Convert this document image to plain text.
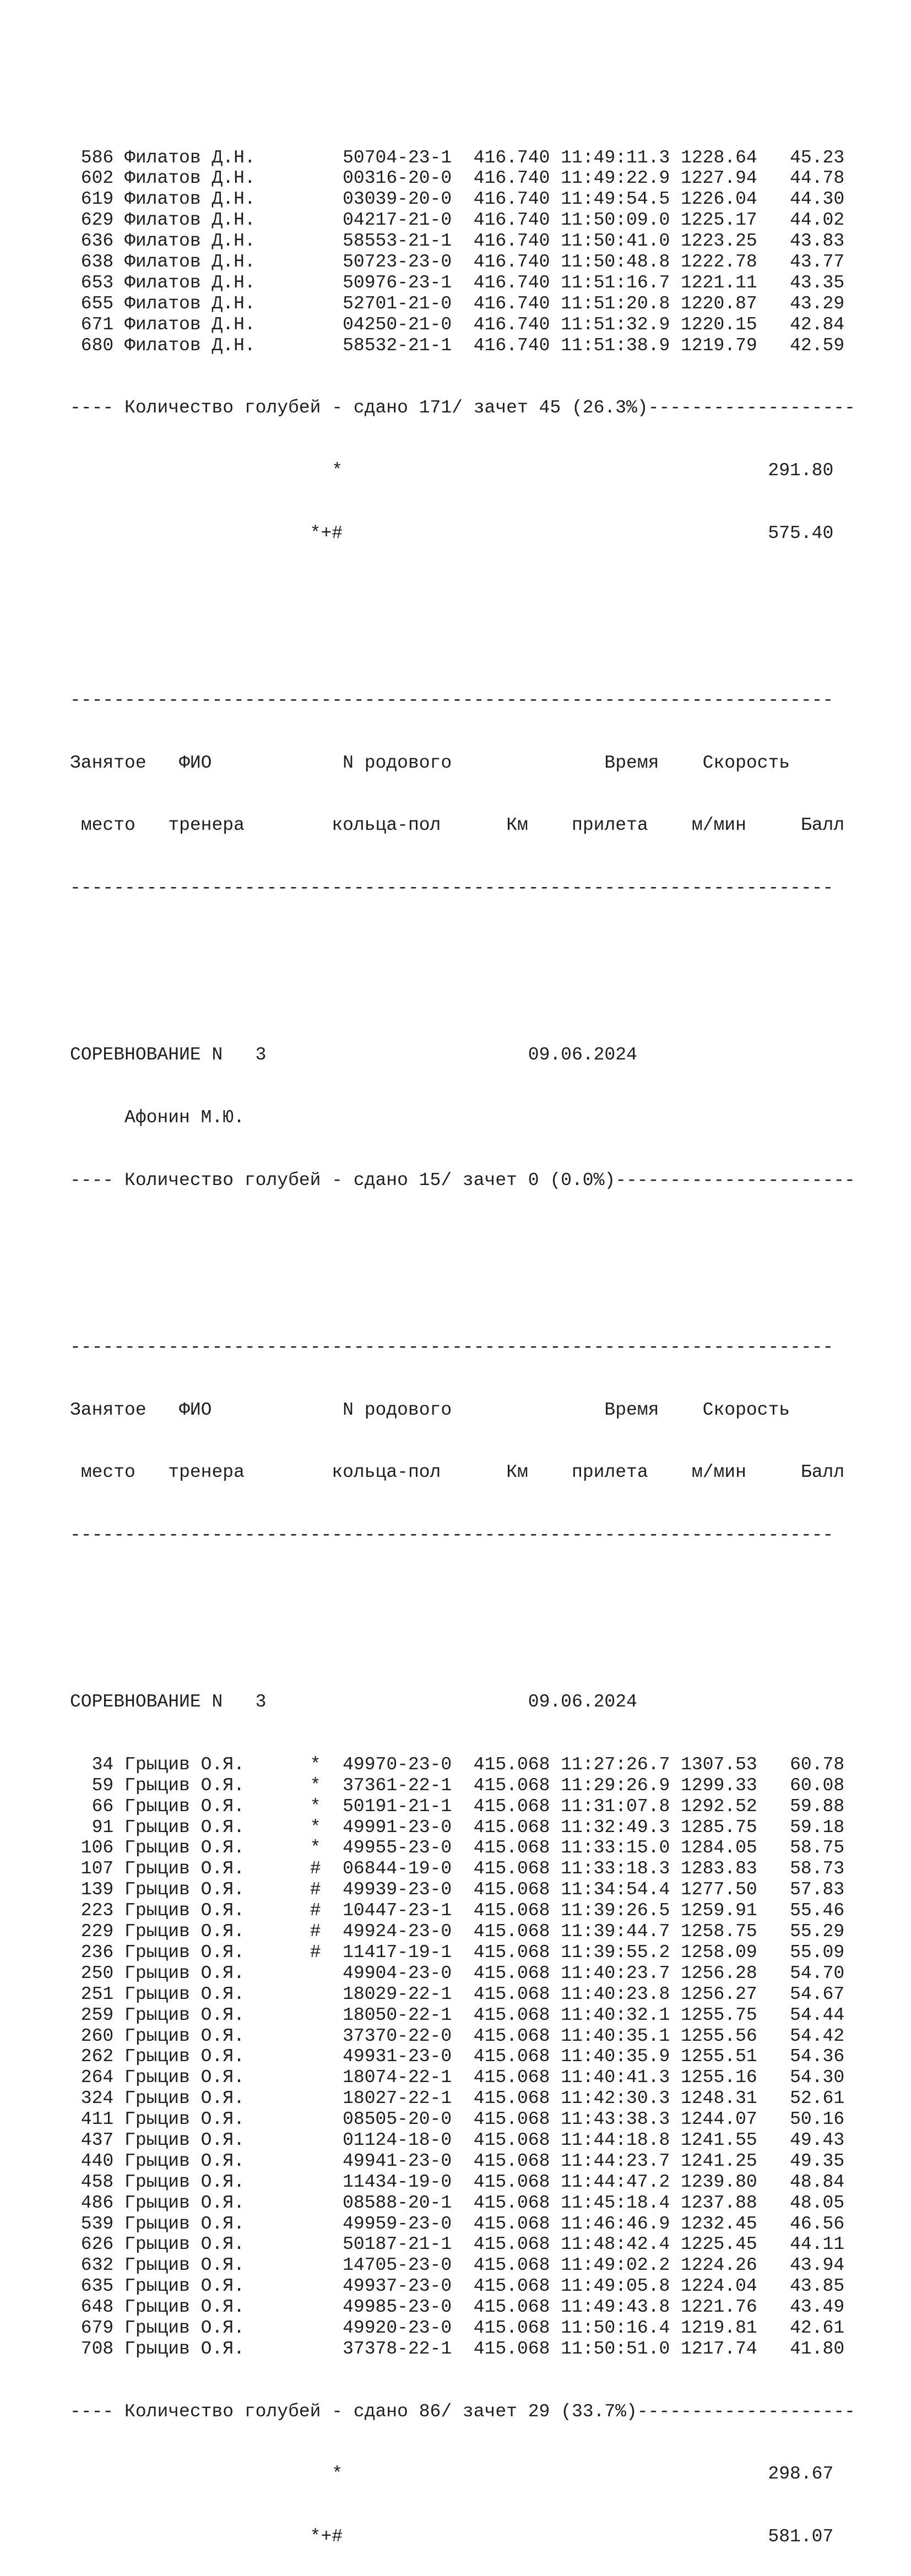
586 Филатов Д.Н.        50704-23-1 416.740 11:49:11.3 1228.64   45.23
602 Филатов Д.Н.        00316-20-0 416.740 11:49:22.9 1227.94   44.78
619 Филатов Д.Н.        03039-20-0 416.740 11:49:54.5 1226.04   44.30
629 Филатов Д.Н.        04217-21-0 416.740 11:50:09.0 1225.17   44.02
636 Филатов Д.Н.        58553-21-1 416.740 11:50:41.0 1223.25   43.83
638 Филатов Д.Н.        50723-23-0 416.740 11:50:48.8 1222.78   43.77
653 Филатов Д.Н.        50976-23-1 416.740 11:51:16.7 1221.11   43.35
655 Филатов Д.Н.        52701-21-0 416.740 11:51:20.8 1220.87   43.29
671 Филатов Д.Н.        04250-21-0 416.740 11:51:32.9 1220.15   42.84
680 Филатов Д.Н.        58532-21-1 416.740 11:51:38.9 1219.79   42.59

---- Количество голубей - сдано 171/ зачет 45 (26.3%)-------------------

*	291.80

*+#	575.40

----------------------------------------------------------------------

Занятое ФИО	N родового	Время Скорость

место тренера	кольца-пол	Км прилета м/мин	Балл

----------------------------------------------------------------------

СОРЕВНОВАНИЕ N 3	09.06.2024

Афонин М.Ю.

---- Количество голубей - сдано 15/ зачет 0 (0.0%)----------------------

----------------------------------------------------------------------

Занятое ФИО	N родового	Время Скорость

место тренера	кольца-пол	Км прилета м/мин	Балл

----------------------------------------------------------------------

СОРЕВНОВАНИЕ N 3	09.06.2024

34 Грыцив О.Я.      * 49970-23-0 415.068 11:27:26.7 1307.53   60.78
59 Грыцив О.Я.      * 37361-22-1 415.068 11:29:26.9 1299.33   60.08
66 Грыцив О.Я.      * 50191-21-1 415.068 11:31:07.8 1292.52   59.88
91 Грыцив О.Я.      * 49991-23-0 415.068 11:32:49.3 1285.75   59.18
106 Грыцив О.Я.      * 49955-23-0 415.068 11:33:15.0 1284.05   58.75
107 Грыцив О.Я.      # 06844-19-0 415.068 11:33:18.3 1283.83   58.73
139 Грыцив О.Я.      # 49939-23-0 415.068 11:34:54.4 1277.50   57.83
223 Грыцив О.Я.      # 10447-23-1 415.068 11:39:26.5 1259.91   55.46
229 Грыцив О.Я.      # 49924-23-0 415.068 11:39:44.7 1258.75   55.29
236 Грыцив О.Я.      # 11417-19-1 415.068 11:39:55.2 1258.09   55.09
250 Грыцив О.Я.         49904-23-0 415.068 11:40:23.7 1256.28   54.70
251 Грыцив О.Я.         18029-22-1 415.068 11:40:23.8 1256.27   54.67
259 Грыцив О.Я.         18050-22-1 415.068 11:40:32.1 1255.75   54.44
260 Грыцив О.Я.         37370-22-0 415.068 11:40:35.1 1255.56   54.42
262 Грыцив О.Я.         49931-23-0 415.068 11:40:35.9 1255.51   54.36
264 Грыцив О.Я.         18074-22-1 415.068 11:40:41.3 1255.16   54.30
324 Грыцив О.Я.         18027-22-1 415.068 11:42:30.3 1248.31   52.61
411 Грыцив О.Я.         08505-20-0 415.068 11:43:38.3 1244.07   50.16
437 Грыцив О.Я.         01124-18-0 415.068 11:44:18.8 1241.55   49.43
440 Грыцив О.Я.         49941-23-0 415.068 11:44:23.7 1241.25   49.35
458 Грыцив О.Я.         11434-19-0 415.068 11:44:47.2 1239.80   48.84
486 Грыцив О.Я.         08588-20-1 415.068 11:45:18.4 1237.88   48.05
539 Грыцив О.Я.         49959-23-0 415.068 11:46:46.9 1232.45   46.56
626 Грыцив О.Я.         50187-21-1 415.068 11:48:42.4 1225.45   44.11
632 Грыцив О.Я.         14705-23-0 415.068 11:49:02.2 1224.26   43.94
635 Грыцив О.Я.         49937-23-0 415.068 11:49:05.8 1224.04   43.85
648 Грыцив О.Я.         49985-23-0 415.068 11:49:43.8 1221.76   43.49
679 Грыцив О.Я.         49920-23-0 415.068 11:50:16.4 1219.81   42.61
708 Грыцив О.Я.         37378-22-1 415.068 11:50:51.0 1217.74   41.80

---- Количество голубей - сдано 86/ зачет 29 (33.7%)--------------------

*	298.67

*+#	581.07
